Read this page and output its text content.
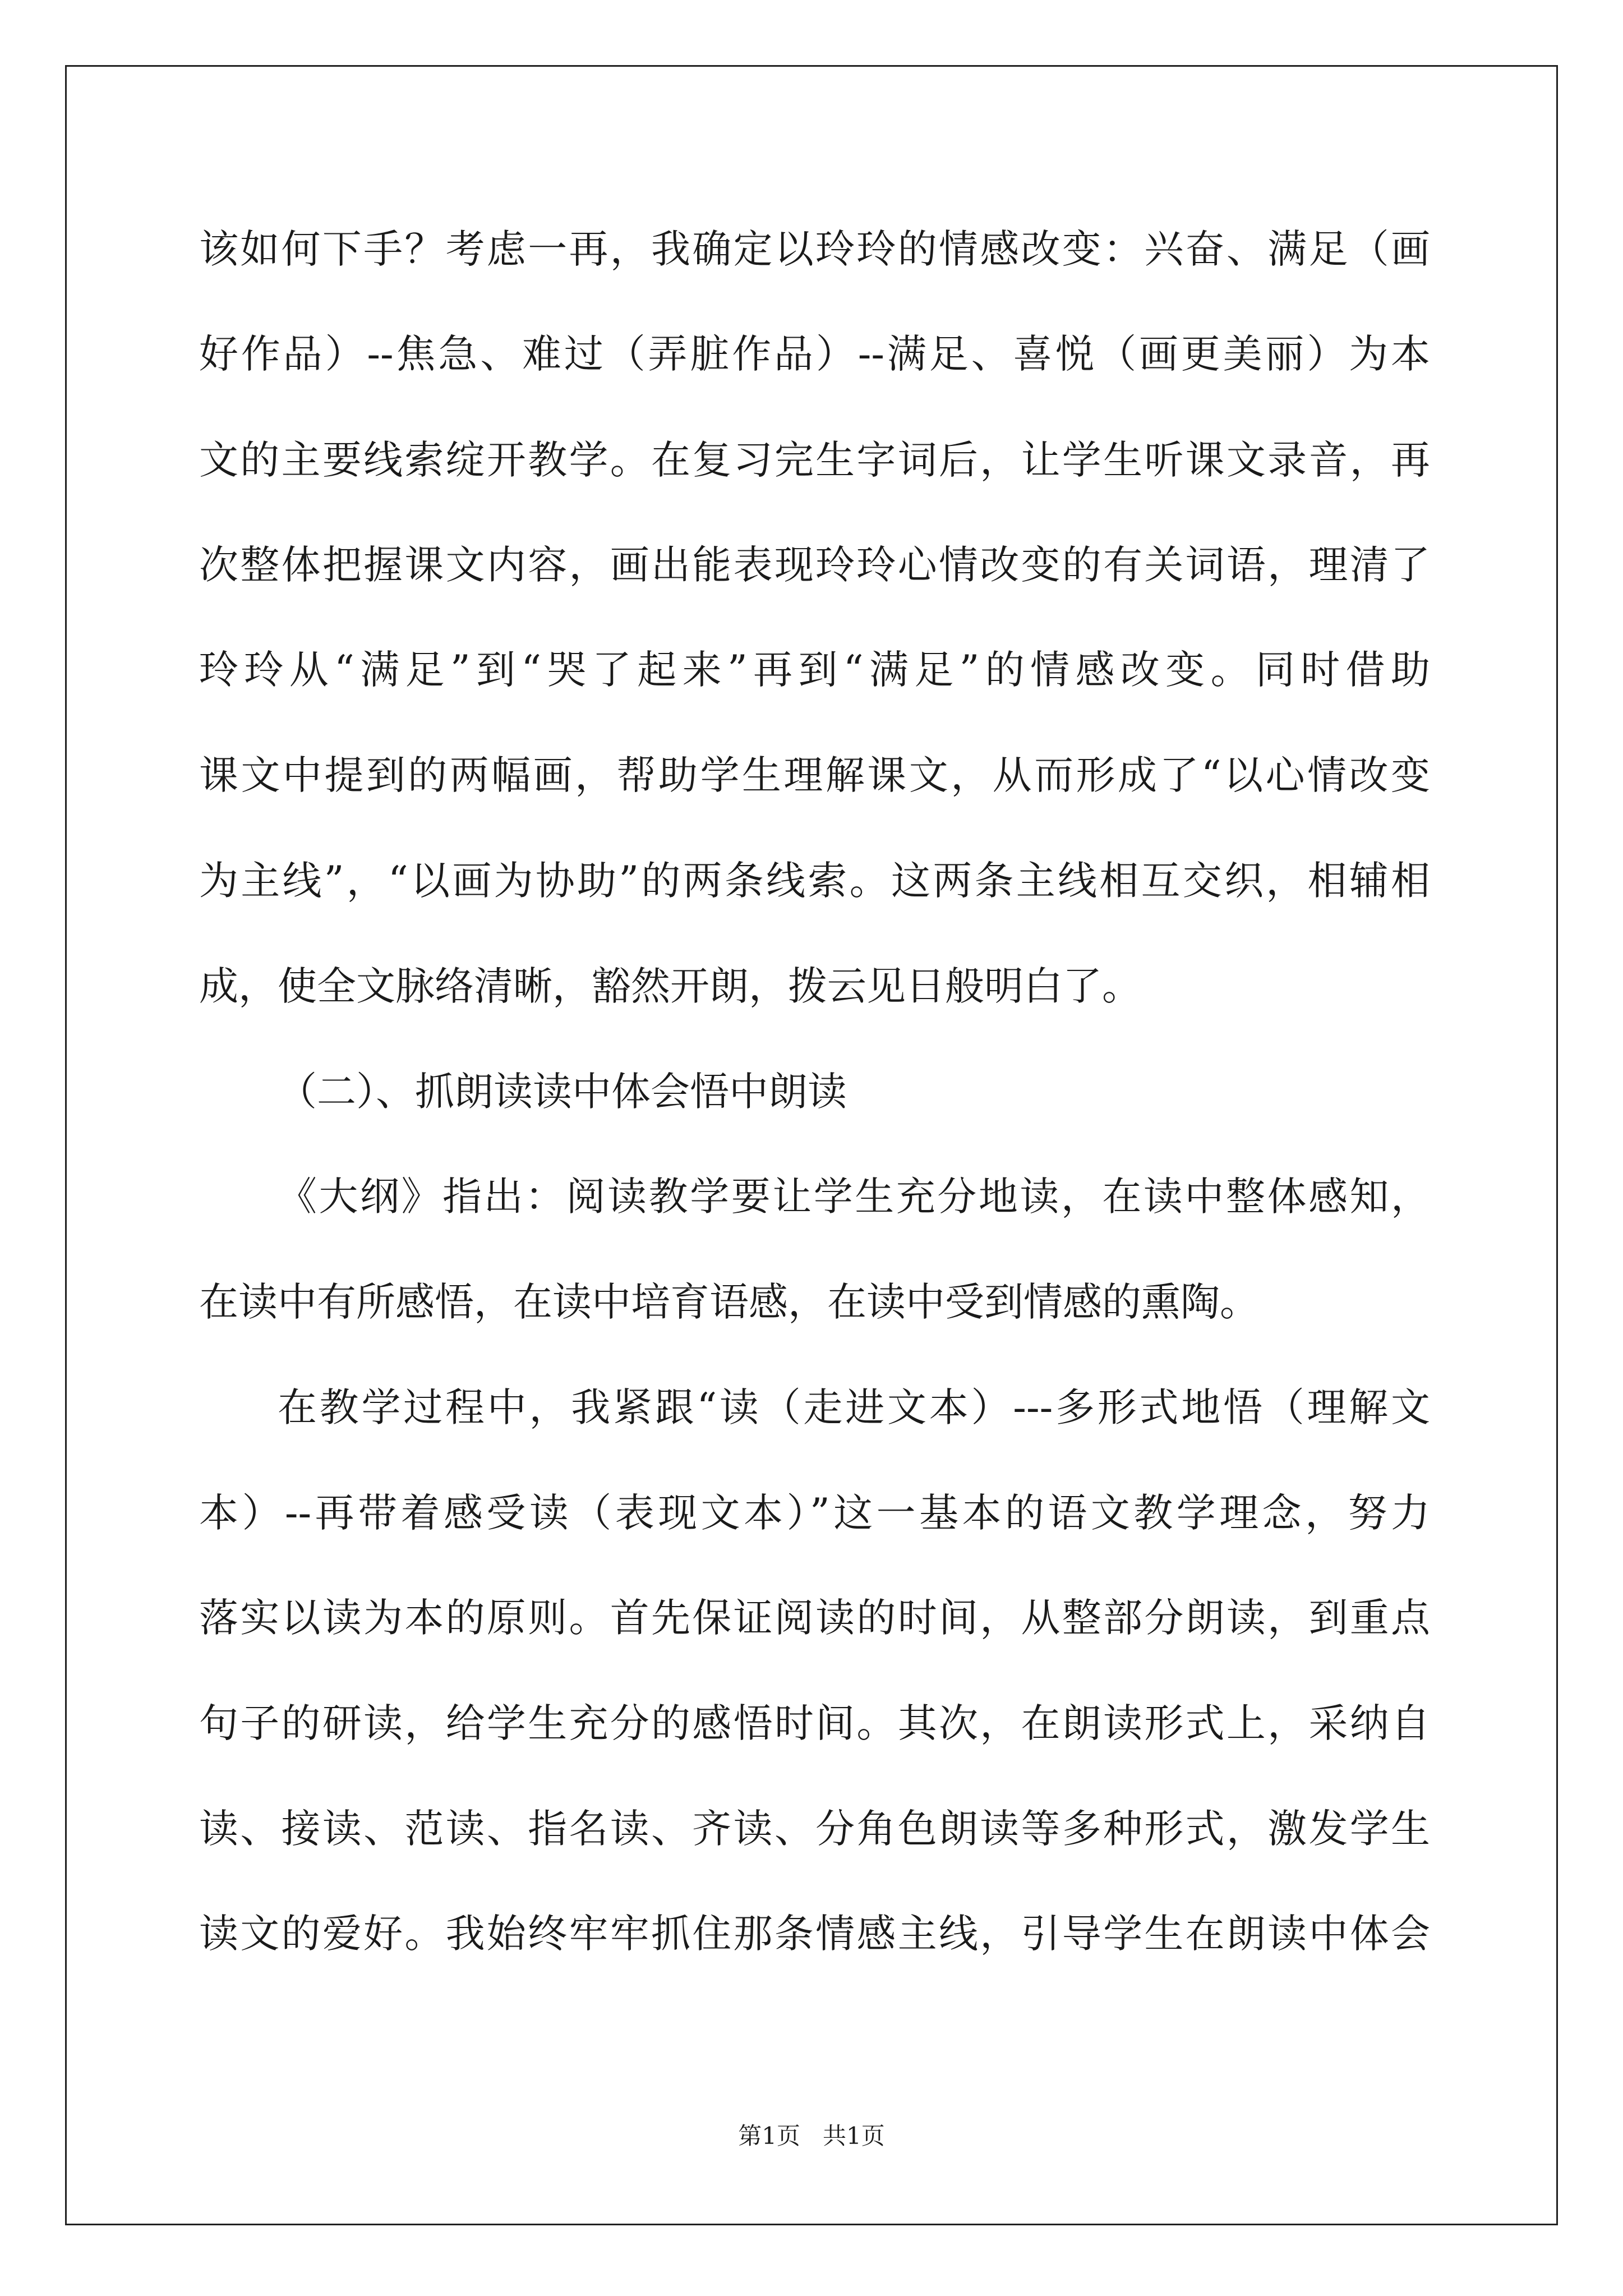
该如何下手？考虑一再，我确定以玲玲的情感改变：兴奋、满足（画
好作品）--焦急、难过（弄脏作品）--满足、喜悦（画更美丽）为本
文的主要线索绽开教学。在复习完生字词后，让学生听课文录音，再
次整体把握课文内容，画出能表现玲玲心情改变的有关词语，理清了
玲玲从“满足”到“哭了起来”再到“满足”的情感改变。同时借助
课文中提到的两幅画，帮助学生理解课文，从而形成了“以心情改变
为主线”，“以画为协助”的两条线索。这两条主线相互交织，相辅相
成，使全文脉络清晰，豁然开朗，拨云见日般明白了。
（二）、抓朗读读中体会悟中朗读
《大纲》指出：阅读教学要让学生充分地读，在读中整体感知，
在读中有所感悟，在读中培育语感，在读中受到情感的熏陶。
在教学过程中，我紧跟“读（走进文本）---多形式地悟（理解文
本）--再带着感受读（表现文本）”这一基本的语文教学理念，努力
落实以读为本的原则。首先保证阅读的时间，从整部分朗读，到重点
句子的研读，给学生充分的感悟时间。其次，在朗读形式上，采纳自
读、接读、范读、指名读、齐读、分角色朗读等多种形式，激发学生
读文的爱好。我始终牢牢抓住那条情感主线，引导学生在朗读中体会
第1页   共1页
